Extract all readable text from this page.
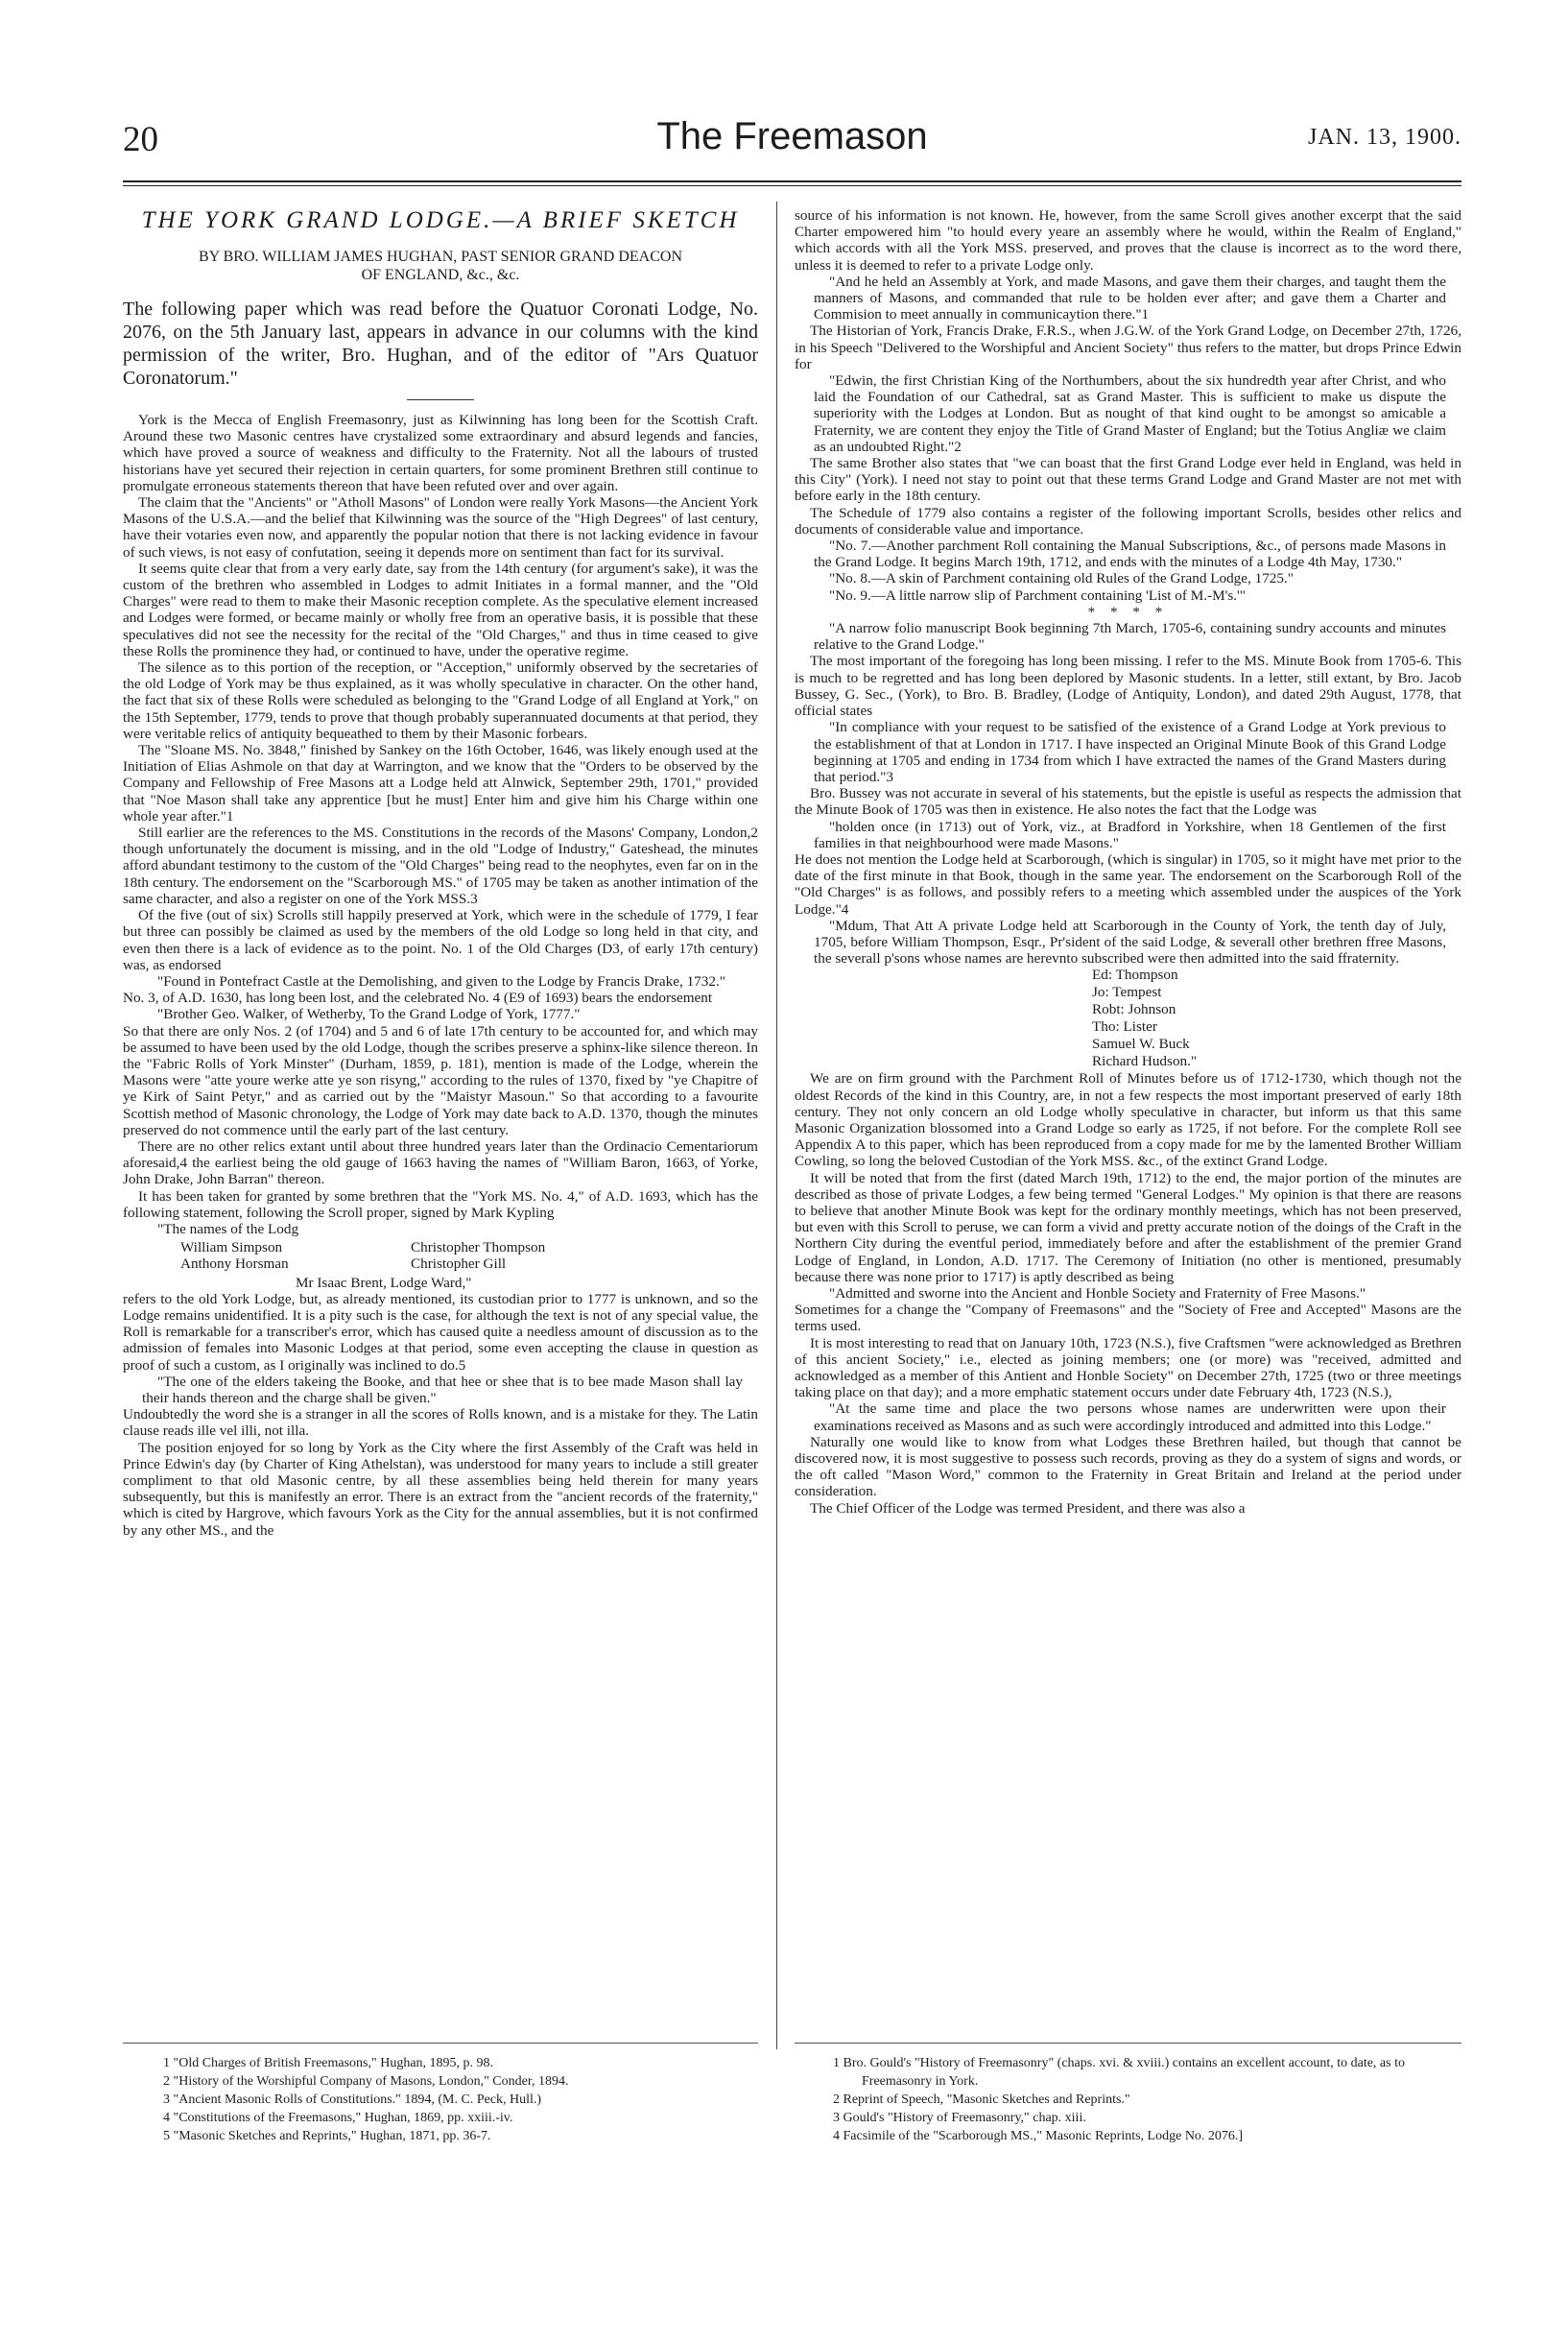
20	The Freemason	JAN. 13, 1900.
THE YORK GRAND LODGE.—A BRIEF SKETCH
BY BRO. WILLIAM JAMES HUGHAN, PAST SENIOR GRAND DEACON
OF ENGLAND, &c., &c.

The following paper which was read before the Quatuor Coronati Lodge, No. 2076, on the 5th January last, appears in advance in our columns with the kind permission of the writer, Bro. Hughan, and of the editor of "Ars Quatuor Coronatorum."

York is the Mecca of English Freemasonry, just as Kilwinning has long been for the Scottish Craft. Around these two Masonic centres have crystalized some extraordinary and absurd legends and fancies, which have proved a source of weakness and difficulty to the Fraternity. Not all the labours of trusted historians have yet secured their rejection in certain quarters, for some prominent Brethren still continue to promulgate erroneous statements thereon that have been refuted over and over again.

The claim that the "Ancients" or "Atholl Masons" of London were really York Masons—the Ancient York Masons of the U.S.A.—and the belief that Kilwinning was the source of the "High Degrees" of last century, have their votaries even now, and apparently the popular notion that there is not lacking evidence in favour of such views, is not easy of confutation, seeing it depends more on sentiment than fact for its survival.

It seems quite clear that from a very early date, say from the 14th century (for argument's sake), it was the custom of the brethren who assembled in Lodges to admit Initiates in a formal manner, and the "Old Charges" were read to them to make their Masonic reception complete. As the speculative element increased and Lodges were formed, or became mainly or wholly free from an operative basis, it is possible that these speculatives did not see the necessity for the recital of the "Old Charges," and thus in time ceased to give these Rolls the prominence they had, or continued to have, under the operative regime.

The silence as to this portion of the reception, or "Acception," uniformly observed by the secretaries of the old Lodge of York may be thus explained, as it was wholly speculative in character. On the other hand, the fact that six of these Rolls were scheduled as belonging to the "Grand Lodge of all England at York," on the 15th September, 1779, tends to prove that though probably superannuated documents at that period, they were veritable relics of antiquity bequeathed to them by their Masonic forbears.

The "Sloane MS. No. 3848," finished by Sankey on the 16th October, 1646, was likely enough used at the Initiation of Elias Ashmole on that day at Warrington, and we know that the "Orders to be observed by the Company and Fellowship of Free Masons att a Lodge held att Alnwick, September 29th, 1701," provided that "Noe Mason shall take any apprentice [but he must] Enter him and give him his Charge within one whole year after."1

Still earlier are the references to the MS. Constitutions in the records of the Masons' Company, London,2 though unfortunately the document is missing, and in the old "Lodge of Industry," Gateshead, the minutes afford abundant testimony to the custom of the "Old Charges" being read to the neophytes, even far on in the 18th century. The endorsement on the "Scarborough MS." of 1705 may be taken as another intimation of the same character, and also a register on one of the York MSS.3

Of the five (out of six) Scrolls still happily preserved at York, which were in the schedule of 1779, I fear but three can possibly be claimed as used by the members of the old Lodge so long held in that city, and even then there is a lack of evidence as to the point. No. 1 of the Old Charges (D3, of early 17th century) was, as endorsed

"Found in Pontefract Castle at the Demolishing, and given to the Lodge by Francis Drake, 1732."

No. 3, of A.D. 1630, has long been lost, and the celebrated No. 4 (E9 of 1693) bears the endorsement

"Brother Geo. Walker, of Wetherby, To the Grand Lodge of York, 1777."

So that there are only Nos. 2 (of 1704) and 5 and 6 of late 17th century to be accounted for, and which may be assumed to have been used by the old Lodge, though the scribes preserve a sphinx-like silence thereon. In the "Fabric Rolls of York Minster" (Durham, 1859, p. 181), mention is made of the Lodge, wherein the Masons were "atte youre werke atte ye son risyng," according to the rules of 1370, fixed by "ye Chapitre of ye Kirk of Saint Petyr," and as carried out by the "Maistyr Masoun." So that according to a favourite Scottish method of Masonic chronology, the Lodge of York may date back to A.D. 1370, though the minutes preserved do not commence until the early part of the last century.

There are no other relics extant until about three hundred years later than the Ordinacio Cementariorum aforesaid,4 the earliest being the old gauge of 1663 having the names of "William Baron, 1663, of Yorke, John Drake, John Barran" thereon.

It has been taken for granted by some brethren that the "York MS. No. 4," of A.D. 1693, which has the following statement, following the Scroll proper, signed by Mark Kypling

"The names of the Lodg

William Simpson
Anthony Horsman
Christopher Thompson
Christopher Gill
Mr Isaac Brent, Lodge Ward,"

refers to the old York Lodge, but, as already mentioned, its custodian prior to 1777 is unknown, and so the Lodge remains unidentified. It is a pity such is the case, for although the text is not of any special value, the Roll is remarkable for a transcriber's error, which has caused quite a needless amount of discussion as to the admission of females into Masonic Lodges at that period, some even accepting the clause in question as proof of such a custom, as I originally was inclined to do.5

"The one of the elders takeing the Booke, and that hee or shee that is to bee made Mason shall lay their hands thereon and the charge shall be given."

Undoubtedly the word she is a stranger in all the scores of Rolls known, and is a mistake for they. The Latin clause reads ille vel illi, not illa.

The position enjoyed for so long by York as the City where the first Assembly of the Craft was held in Prince Edwin's day (by Charter of King Athelstan), was understood for many years to include a still greater compliment to that old Masonic centre, by all these assemblies being held therein for many years subsequently, but this is manifestly an error. There is an extract from the "ancient records of the fraternity," which is cited by Hargrove, which favours York as the City for the annual assemblies, but it is not confirmed by any other MS., and the

source of his information is not known. He, however, from the same Scroll gives another excerpt that the said Charter empowered him "to hould every yeare an assembly where he would, within the Realm of England," which accords with all the York MSS. preserved, and proves that the clause is incorrect as to the word there, unless it is deemed to refer to a private Lodge only.

"And he held an Assembly at York, and made Masons, and gave them their charges, and taught them the manners of Masons, and commanded that rule to be holden ever after; and gave them a Charter and Commision to meet annually in communicaytion there."1

The Historian of York, Francis Drake, F.R.S., when J.G.W. of the York Grand Lodge, on December 27th, 1726, in his Speech "Delivered to the Worshipful and Ancient Society" thus refers to the matter, but drops Prince Edwin for

"Edwin, the first Christian King of the Northumbers, about the six hundredth year after Christ, and who laid the Foundation of our Cathedral, sat as Grand Master. This is sufficient to make us dispute the superiority with the Lodges at London. But as nought of that kind ought to be amongst so amicable a Fraternity, we are content they enjoy the Title of Grand Master of England; but the Totius Angliæ we claim as an undoubted Right."2

The same Brother also states that "we can boast that the first Grand Lodge ever held in England, was held in this City" (York). I need not stay to point out that these terms Grand Lodge and Grand Master are not met with before early in the 18th century.

The Schedule of 1779 also contains a register of the following important Scrolls, besides other relics and documents of considerable value and importance.

"No. 7.—Another parchment Roll containing the Manual Subscriptions, &c., of persons made Masons in the Grand Lodge. It begins March 19th, 1712, and ends with the minutes of a Lodge 4th May, 1730."

"No. 8.—A skin of Parchment containing old Rules of the Grand Lodge, 1725."

"No. 9.—A little narrow slip of Parchment containing 'List of M.-M's.'"

* * * *

"A narrow folio manuscript Book beginning 7th March, 1705-6, containing sundry accounts and minutes relative to the Grand Lodge."

The most important of the foregoing has long been missing. I refer to the MS. Minute Book from 1705-6. This is much to be regretted and has long been deplored by Masonic students. In a letter, still extant, by Bro. Jacob Bussey, G. Sec., (York), to Bro. B. Bradley, (Lodge of Antiquity, London), and dated 29th August, 1778, that official states

"In compliance with your request to be satisfied of the existence of a Grand Lodge at York previous to the establishment of that at London in 1717. I have inspected an Original Minute Book of this Grand Lodge beginning at 1705 and ending in 1734 from which I have extracted the names of the Grand Masters during that period."3

Bro. Bussey was not accurate in several of his statements, but the epistle is useful as respects the admission that the Minute Book of 1705 was then in existence. He also notes the fact that the Lodge was

"holden once (in 1713) out of York, viz., at Bradford in Yorkshire, when 18 Gentlemen of the first families in that neighbourhood were made Masons."

He does not mention the Lodge held at Scarborough, (which is singular) in 1705, so it might have met prior to the date of the first minute in that Book, though in the same year. The endorsement on the Scarborough Roll of the "Old Charges" is as follows, and possibly refers to a meeting which assembled under the auspices of the York Lodge."4

"Mdum, That Att A private Lodge held att Scarborough in the County of York, the tenth day of July, 1705, before William Thompson, Esqr., Pr'sident of the said Lodge, & severall other brethren ffree Masons, the severall p'sons whose names are herevnto subscribed were then admitted into the said ffraternity.

Ed: Thompson
Jo: Tempest
Robt: Johnson
Tho: Lister
Samuel W. Buck
Richard Hudson."

We are on firm ground with the Parchment Roll of Minutes before us of 1712-1730, which though not the oldest Records of the kind in this Country, are, in not a few respects the most important preserved of early 18th century. They not only concern an old Lodge wholly speculative in character, but inform us that this same Masonic Organization blossomed into a Grand Lodge so early as 1725, if not before. For the complete Roll see Appendix A to this paper, which has been reproduced from a copy made for me by the lamented Brother William Cowling, so long the beloved Custodian of the York MSS. &c., of the extinct Grand Lodge.

It will be noted that from the first (dated March 19th, 1712) to the end, the major portion of the minutes are described as those of private Lodges, a few being termed "General Lodges." My opinion is that there are reasons to believe that another Minute Book was kept for the ordinary monthly meetings, which has not been preserved, but even with this Scroll to peruse, we can form a vivid and pretty accurate notion of the doings of the Craft in the Northern City during the eventful period, immediately before and after the establishment of the premier Grand Lodge of England, in London, A.D. 1717. The Ceremony of Initiation (no other is mentioned, presumably because there was none prior to 1717) is aptly described as being

"Admitted and sworne into the Ancient and Honble Society and Fraternity of Free Masons."

Sometimes for a change the "Company of Freemasons" and the "Society of Free and Accepted" Masons are the terms used.

It is most interesting to read that on January 10th, 1723 (N.S.), five Craftsmen "were acknowledged as Brethren of this ancient Society," i.e., elected as joining members; one (or more) was "received, admitted and acknowledged as a member of this Antient and Honble Society" on December 27th, 1725 (two or three meetings taking place on that day); and a more emphatic statement occurs under date February 4th, 1723 (N.S.),

"At the same time and place the two persons whose names are underwritten were upon their examinations received as Masons and as such were accordingly introduced and admitted into this Lodge."

Naturally one would like to know from what Lodges these Brethren hailed, but though that cannot be discovered now, it is most suggestive to possess such records, proving as they do a system of signs and words, or the oft called "Mason Word," common to the Fraternity in Great Britain and Ireland at the period under consideration.

The Chief Officer of the Lodge was termed President, and there was also a

1 "Old Charges of British Freemasons," Hughan, 1895, p. 98.
2 "History of the Worshipful Company of Masons, London," Conder, 1894.
3 "Ancient Masonic Rolls of Constitutions." 1894, (M. C. Peck, Hull.)
4 "Constitutions of the Freemasons," Hughan, 1869, pp. xxiii.-iv.
5 "Masonic Sketches and Reprints," Hughan, 1871, pp. 36-7.
1 Bro. Gould's "History of Freemasonry" (chaps. xvi. & xviii.) contains an excellent account, to date, as to Freemasonry in York.
2 Reprint of Speech, "Masonic Sketches and Reprints."
3 Gould's "History of Freemasonry," chap. xiii.
4 Facsimile of the "Scarborough MS.," Masonic Reprints, Lodge No. 2076.]
